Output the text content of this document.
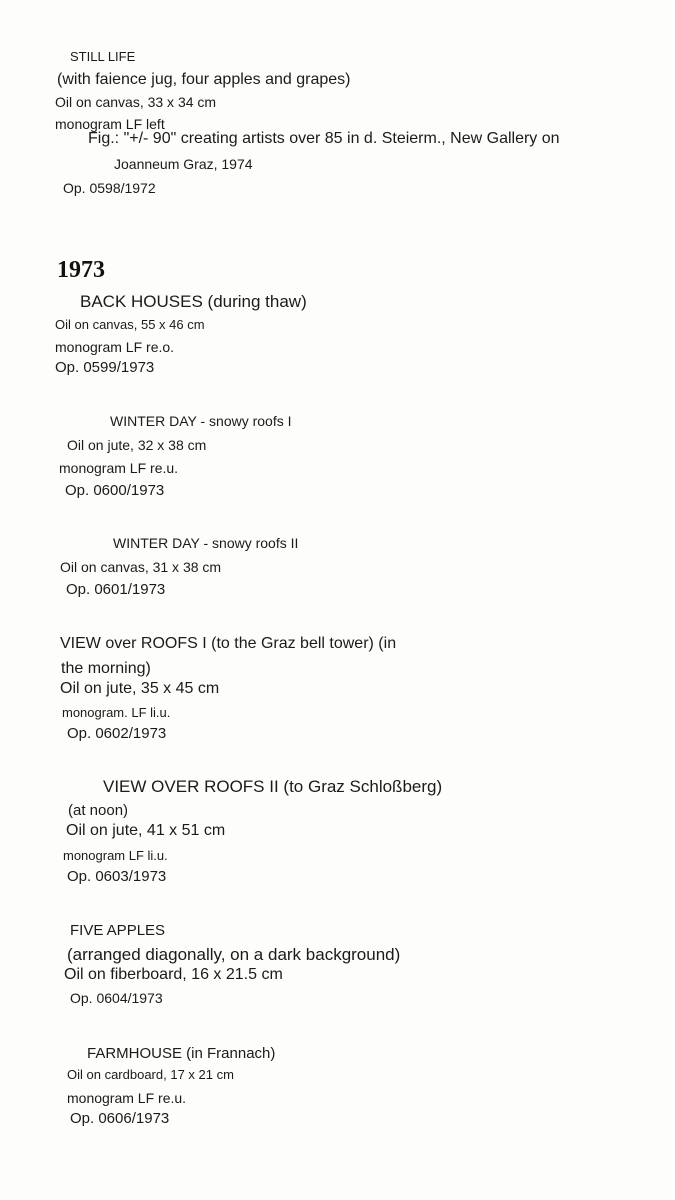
STILL LIFE
(with faience jug, four apples and grapes)
Oil on canvas, 33 x 34 cm
monogram LF left
Fig.: "+/- 90" creating artists over 85 in d. Steierm., New Gallery on
Joanneum Graz, 1974
Op. 0598/1972
1973
BACK HOUSES (during thaw)
Oil on canvas, 55 x 46 cm
monogram LF re.o.
Op. 0599/1973
WINTER DAY - snowy roofs I
Oil on jute, 32 x 38 cm
monogram LF re.u.
Op. 0600/1973
WINTER DAY - snowy roofs II
Oil on canvas, 31 x 38 cm
Op. 0601/1973
VIEW over ROOFS I (to the Graz bell tower) (in
the morning)
Oil on jute, 35 x 45 cm
monogram. LF li.u.
Op. 0602/1973
VIEW OVER ROOFS II (to Graz Schloßberg)
(at noon)
Oil on jute, 41 x 51 cm
monogram LF li.u.
Op. 0603/1973
FIVE APPLES
(arranged diagonally, on a dark background)
Oil on fiberboard, 16 x 21.5 cm
Op. 0604/1973
FARMHOUSE (in Frannach)
Oil on cardboard, 17 x 21 cm
monogram LF re.u.
Op. 0606/1973
